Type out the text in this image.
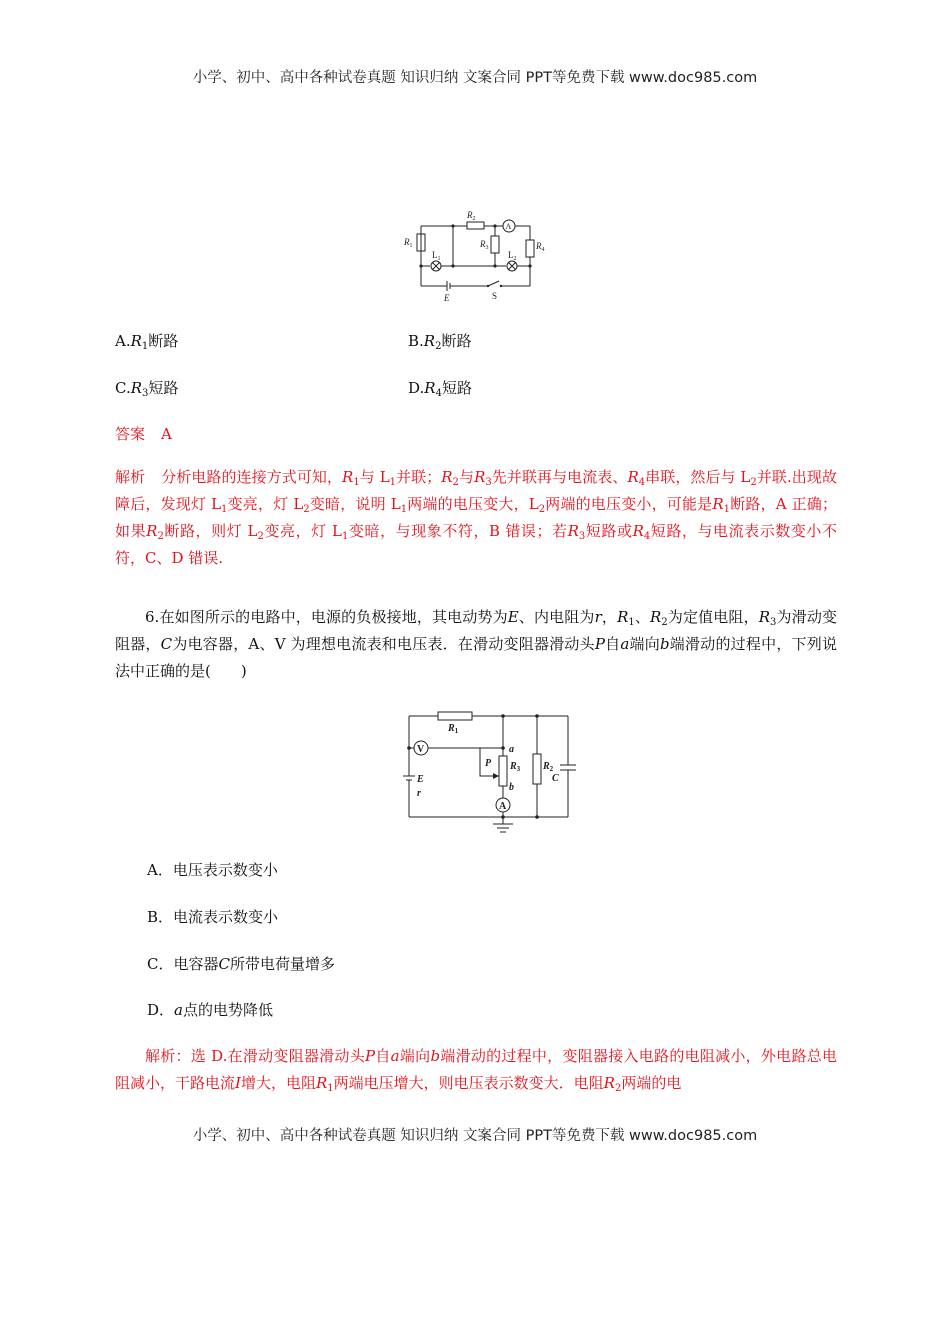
小学、初中、高中各种试卷真题 知识归纳 文案合同 PPT等免费下载 www.doc985.com
$R_1$
$R_2$
$R_3$	$R_4$
A
E
$L_1$	$L_2$
S
$A.R_1$断路	$B.R_2$断路
$C.R_3$短路	$D.R_4$短路
答案 A
解析 分析电路的连接方式可知，$R_1$与 $L_1$并联；$R_2$与$R_3$先并联再与电流表、$R_4$串联，然后与 $L_2$并联.出现故障后，发现灯 $L_1$变亮，灯 $L_2$变暗，说明 $L_1$两端的电压变大，$L_2$两端的电压变小，可能是$R_1$断路，A 正确；如果$R_2$断路，则灯 $L_2$变亮，灯 $L_1$变暗，与现象不符，B 错误；若$R_3$短路或$R_4$短路，与电流表示数变小不符，C、D 错误.
6.在如图所示的电路中，电源的负极接地，其电动势为E、内电阻为r，$R_1$、$R_2$为定值电阻，$R_3$为滑动变阻器，C为电容器，A、V 为理想电流表和电压表．在滑动变阻器滑动头P自a端向b端滑动的过程中，下列说法中正确的是(　　)
$R_1$
$R_3$ $R_2$
a
b
P
C
E
r
V
A
A．电压表示数变小
B．电流表示数变小
C．电容器C所带电荷量增多
D．a点的电势降低
解析：选 D.在滑动变阻器滑动头P自a端向b端滑动的过程中，变阻器接入电路的电阻减小，外电路总电阻减小，干路电流I增大，电阻$R_1$两端电压增大，则电压表示数变大．电阻$R_2$两端的电
小学、初中、高中各种试卷真题 知识归纳 文案合同 PPT等免费下载 www.doc985.com
